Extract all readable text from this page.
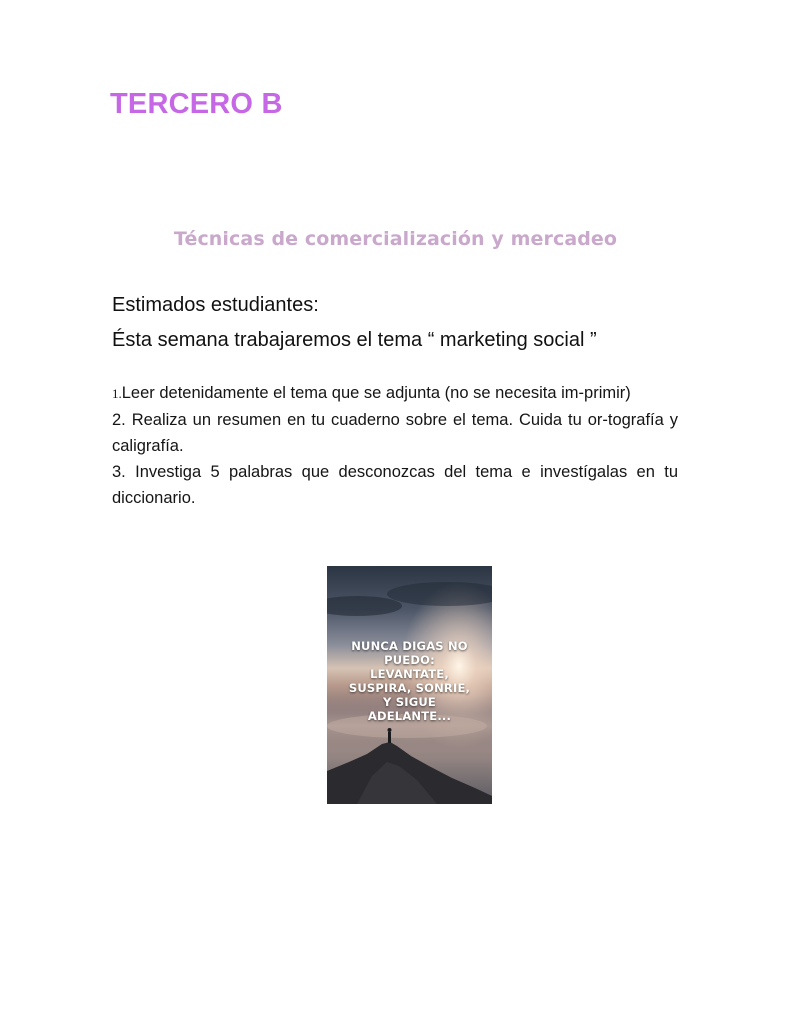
TERCERO B
Técnicas de comercialización y mercadeo
Estimados estudiantes:
Ésta semana trabajaremos el tema “ marketing social ”
1.Leer detenidamente el tema que se adjunta (no se necesita im-primir)
2. Realiza un resumen en tu cuaderno sobre el tema. Cuida tu or-tografía y caligrafía.
3. Investiga 5 palabras que desconozcas del tema e investígalas en tu diccionario.
NUNCA DIGAS NO
PUEDO:
LEVANTATE,
SUSPIRA, SONRIE,
Y SIGUE
ADELANTE...
